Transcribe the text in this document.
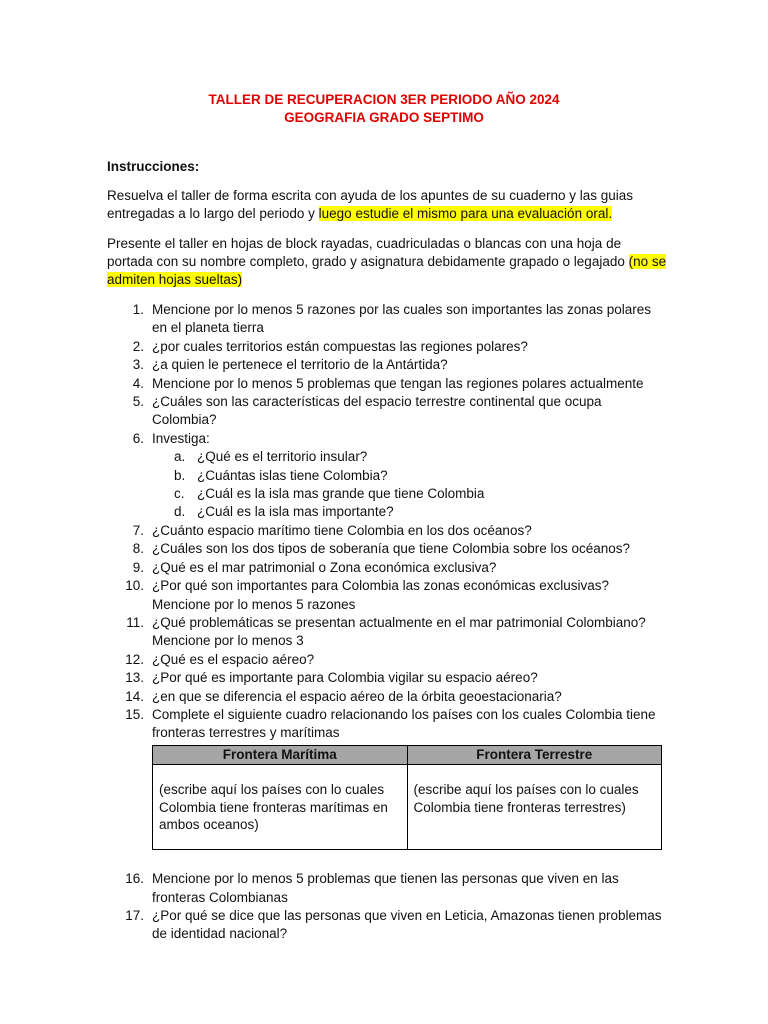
TALLER DE RECUPERACION 3ER PERIODO AÑO 2024
GEOGRAFIA GRADO SEPTIMO
Instrucciones:
Resuelva el taller de forma escrita con ayuda de los apuntes de su cuaderno y las guias entregadas a lo largo del periodo y luego estudie el mismo para una evaluación oral.
Presente el taller en hojas de block rayadas, cuadriculadas o blancas con una hoja de portada con su nombre completo, grado y asignatura debidamente grapado o legajado (no se admiten hojas sueltas)
1. Mencione por lo menos 5 razones por las cuales son importantes las zonas polares en el planeta tierra
2. ¿por cuales territorios están compuestas las regiones polares?
3. ¿a quien le pertenece el territorio de la Antártida?
4. Mencione por lo menos 5 problemas que tengan las regiones polares actualmente
5. ¿Cuáles son las características del espacio terrestre continental que ocupa Colombia?
6. Investiga:
a. ¿Qué es el territorio insular?
b. ¿Cuántas islas tiene Colombia?
c. ¿Cuál es la isla mas grande que tiene Colombia
d. ¿Cuál es la isla mas importante?
7. ¿Cuánto espacio marítimo tiene Colombia en los dos océanos?
8. ¿Cuáles son los dos tipos de soberanía que tiene Colombia sobre los océanos?
9. ¿Qué es el mar patrimonial o Zona económica exclusiva?
10. ¿Por qué son importantes para Colombia las zonas económicas exclusivas? Mencione por lo menos 5 razones
11. ¿Qué problemáticas se presentan actualmente en el mar patrimonial Colombiano? Mencione por lo menos 3
12. ¿Qué es el espacio aéreo?
13. ¿Por qué es importante para Colombia vigilar su espacio aéreo?
14. ¿en que se diferencia el espacio aéreo de la órbita geoestacionaria?
15. Complete el siguiente cuadro relacionando los países con los cuales Colombia tiene fronteras terrestres y marítimas
Frontera Marítima	Frontera Terrestre
(escribe aquí los países con lo cuales Colombia tiene fronteras marítimas en ambos oceanos)	(escribe aquí los países con lo cuales Colombia tiene fronteras terrestres)
16. Mencione por lo menos 5 problemas que tienen las personas que viven en las fronteras Colombianas
17. ¿Por qué se dice que las personas que viven en Leticia, Amazonas tienen problemas de identidad nacional?
